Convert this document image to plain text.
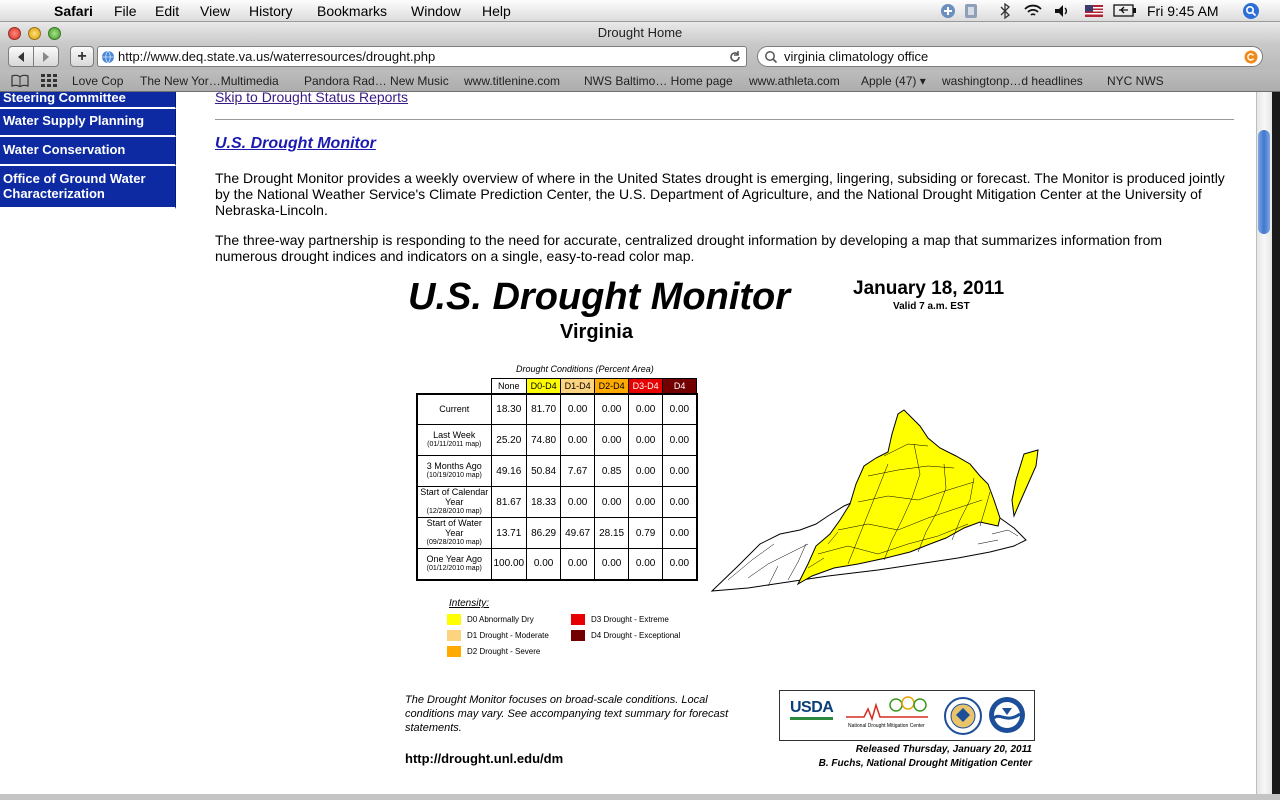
Safari File Edit View History Bookmarks Window Help	Fri 9:45 AM
Drought Home
+	http://www.deq.state.va.us/waterresources/drought.php	virginia climatology office
Love Cop The New Yor…Multimedia Pandora Rad… New Music www.titlenine.com NWS Baltimo… Home page www.athleta.com Apple (47) ▾ washingtonp…d headlines NYC NWS
Steering Committee
Water Supply Planning
Water Conservation
Office of Ground Water Characterization
Skip to Drought Status Reports
U.S. Drought Monitor

The Drought Monitor provides a weekly overview of where in the United States drought is emerging, lingering, subsiding or forecast. The Monitor is produced jointly by the National Weather Service's Climate Prediction Center, the U.S. Department of Agriculture, and the National Drought Mitigation Center at the University of Nebraska-Lincoln.

The three-way partnership is responding to the need for accurate, centralized drought information by developing a map that summarizes information from numerous drought indices and indicators on a single, easy-to-read color map.

U.S. Drought Monitor	January 18, 2011
Valid 7 a.m. EST
Virginia
Drought Conditions (Percent Area)
	None	D0-D4	D1-D4	D2-D4	D3-D4	D4
Current	18.30	81.70	0.00	0.00	0.00	0.00
Last Week
(01/11/2011 map)	25.20	74.80	0.00	0.00	0.00	0.00
3 Months Ago
(10/19/2010 map)	49.16	50.84	7.67	0.85	0.00	0.00
Start of Calendar Year
(12/28/2010 map)	81.67	18.33	0.00	0.00	0.00	0.00
Start of Water Year
(09/28/2010 map)	13.71	86.29	49.67	28.15	0.79	0.00
One Year Ago
(01/12/2010 map)	100.00	0.00	0.00	0.00	0.00	0.00
Intensity:
D0 Abnormally Dry
D1 Drought - Moderate
D2 Drought - Severe
D3 Drought - Extreme
D4 Drought - Exceptional
The Drought Monitor focuses on broad-scale conditions. Local conditions may vary. See accompanying text summary for forecast statements.
http://drought.unl.edu/dm
USDA
National Drought Mitigation Center
Released Thursday, January 20, 2011
B. Fuchs, National Drought Mitigation Center
